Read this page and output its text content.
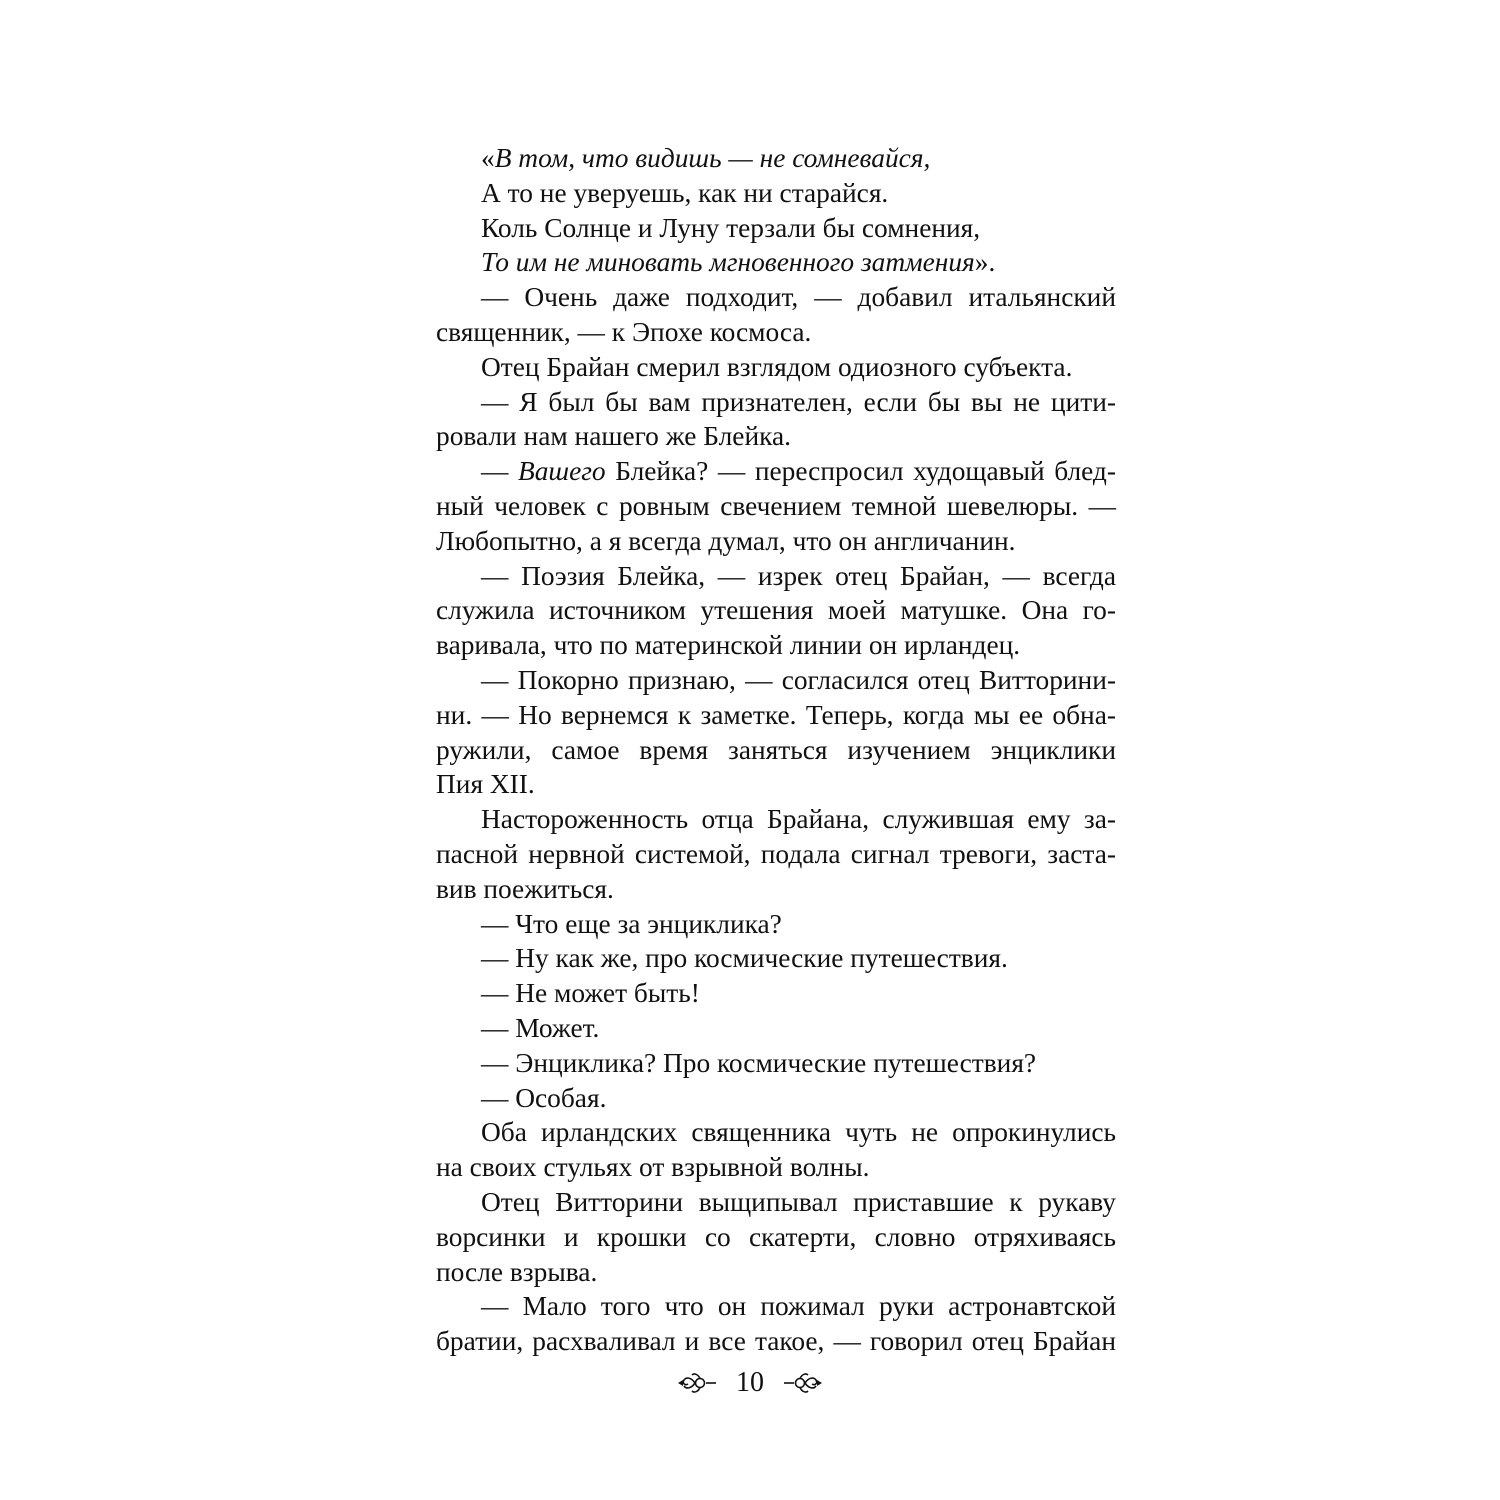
«В том, что видишь — не сомневайся,
А то не уверуешь, как ни старайся.
Коль Солнце и Луну терзали бы сомнения,
То им не миновать мгновенного затмения».
— Очень даже подходит, — добавил итальянский
священник, — к Эпохе космоса.
Отец Брайан смерил взглядом одиозного субъекта.
— Я был бы вам признателен, если бы вы не цити-
ровали нам нашего же Блейка.
— Вашего Блейка? — переспросил худощавый блед-
ный человек с ровным свечением темной шевелюры. —
Любопытно, а я всегда думал, что он англичанин.
— Поэзия Блейка, — изрек отец Брайан, — всегда
служила источником утешения моей матушке. Она го-
варивала, что по материнской линии он ирландец.
— Покорно признаю, — согласился отец Витторини-
ни. — Но вернемся к заметке. Теперь, когда мы ее обна-
ружили, самое время заняться изучением энциклики
Пия XII.
Настороженность отца Брайана, служившая ему за-
пасной нервной системой, подала сигнал тревоги, заста-
вив поежиться.
— Что еще за энциклика?
— Ну как же, про космические путешествия.
— Не может быть!
— Может.
— Энциклика? Про космические путешествия?
— Особая.
Оба ирландских священника чуть не опрокинулись
на своих стульях от взрывной волны.
Отец Витторини выщипывал приставшие к рукаву
ворсинки и крошки со скатерти, словно отряхиваясь
после взрыва.
— Мало того что он пожимал руки астронавтской
братии, расхваливал и все такое, — говорил отец Брайан
10
